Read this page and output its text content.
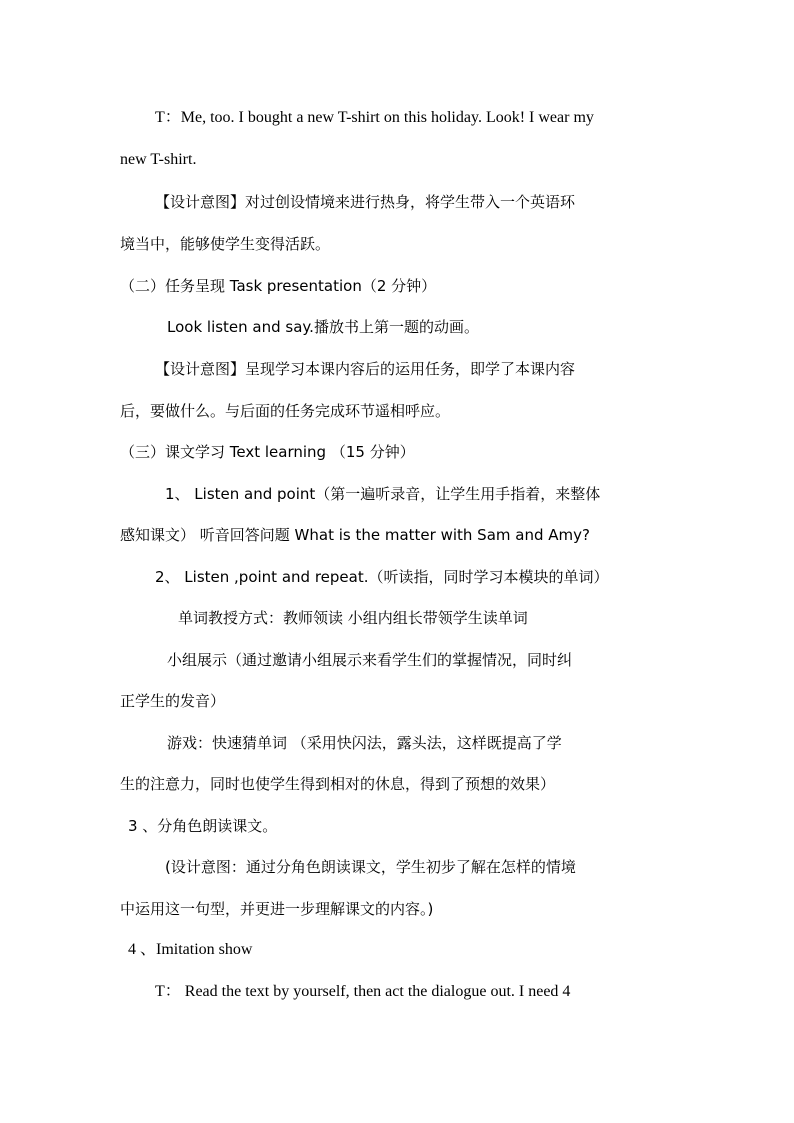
T：Me, too. I bought a new T-shirt on this holiday. Look! I wear my
new T-shirt.
【设计意图】对过创设情境来进行热身，将学生带入一个英语环
境当中，能够使学生变得活跃。
（二）任务呈现 Task presentation（2 分钟）
Look listen and say.播放书上第一题的动画。
【设计意图】呈现学习本课内容后的运用任务，即学了本课内容
后，要做什么。与后面的任务完成环节遥相呼应。
（三）课文学习 Text learning （15 分钟）
1、 Listen and point（第一遍听录音，让学生用手指着，来整体
感知课文） 听音回答问题 What is the matter with Sam and Amy?
2、 Listen ,point and repeat.（听读指，同时学习本模块的单词）
单词教授方式：教师领读 小组内组长带领学生读单词
小组展示（通过邀请小组展示来看学生们的掌握情况，同时纠
正学生的发音）
游戏：快速猜单词 （采用快闪法，露头法，这样既提高了学
生的注意力，同时也使学生得到相对的休息，得到了预想的效果）
3 、分角色朗读课文。
(设计意图：通过分角色朗读课文，学生初步了解在怎样的情境
中运用这一句型，并更进一步理解课文的内容。)
4 、Imitation show
T： Read the text by yourself, then act the dialogue out. I need 4
